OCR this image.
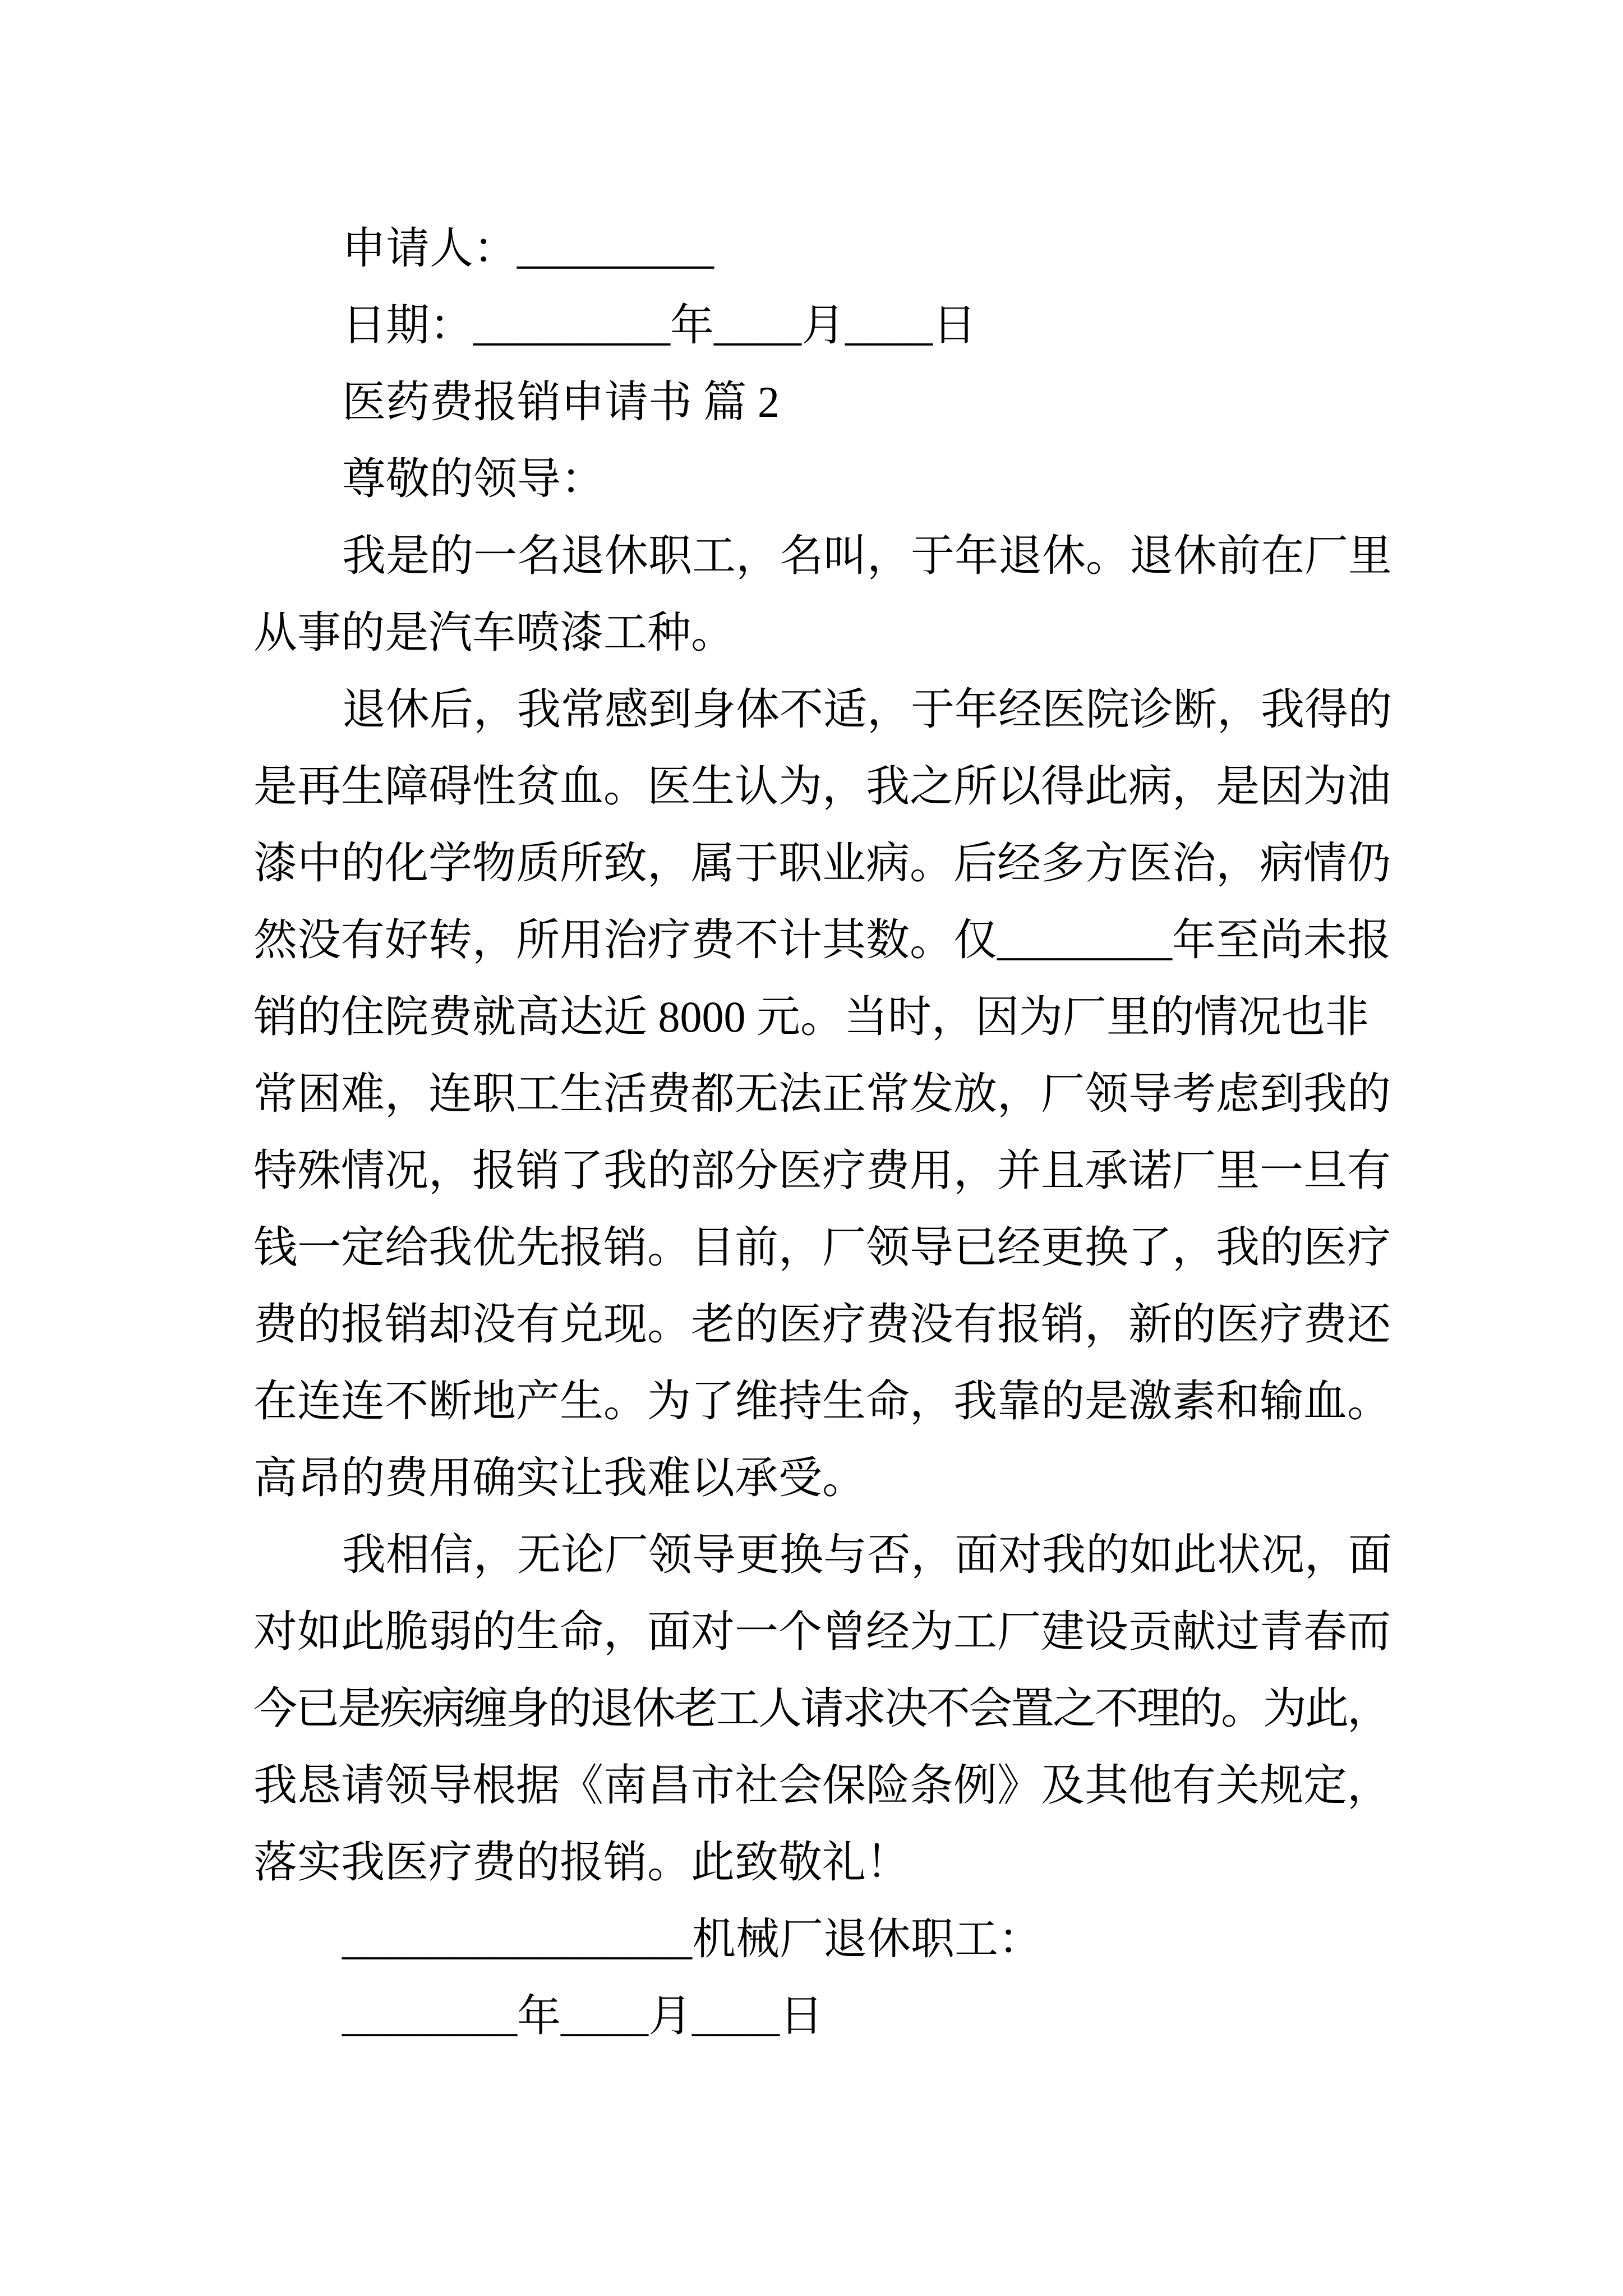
申请人：_________
日期：_________年____月____日
医药费报销申请书 篇 2
尊敬的领导：
我是的一名退休职工，名叫，于年退休。退休前在厂里
从事的是汽车喷漆工种。
退休后，我常感到身体不适，于年经医院诊断，我得的
是再生障碍性贫血。医生认为，我之所以得此病，是因为油
漆中的化学物质所致，属于职业病。后经多方医治，病情仍
然没有好转，所用治疗费不计其数。仅________年至尚未报
销的住院费就高达近 8000 元。当时，因为厂里的情况也非
常困难，连职工生活费都无法正常发放，厂领导考虑到我的
特殊情况，报销了我的部分医疗费用，并且承诺厂里一旦有
钱一定给我优先报销。目前，厂领导已经更换了，我的医疗
费的报销却没有兑现。老的医疗费没有报销，新的医疗费还
在连连不断地产生。为了维持生命，我靠的是激素和输血。
高昂的费用确实让我难以承受。
我相信，无论厂领导更换与否，面对我的如此状况，面
对如此脆弱的生命，面对一个曾经为工厂建设贡献过青春而
今已是疾病缠身的退休老工人请求决不会置之不理的。为此，
我恳请领导根据《南昌市社会保险条例》及其他有关规定，
落实我医疗费的报销。此致敬礼！
________________机械厂退休职工：
________年____月____日
